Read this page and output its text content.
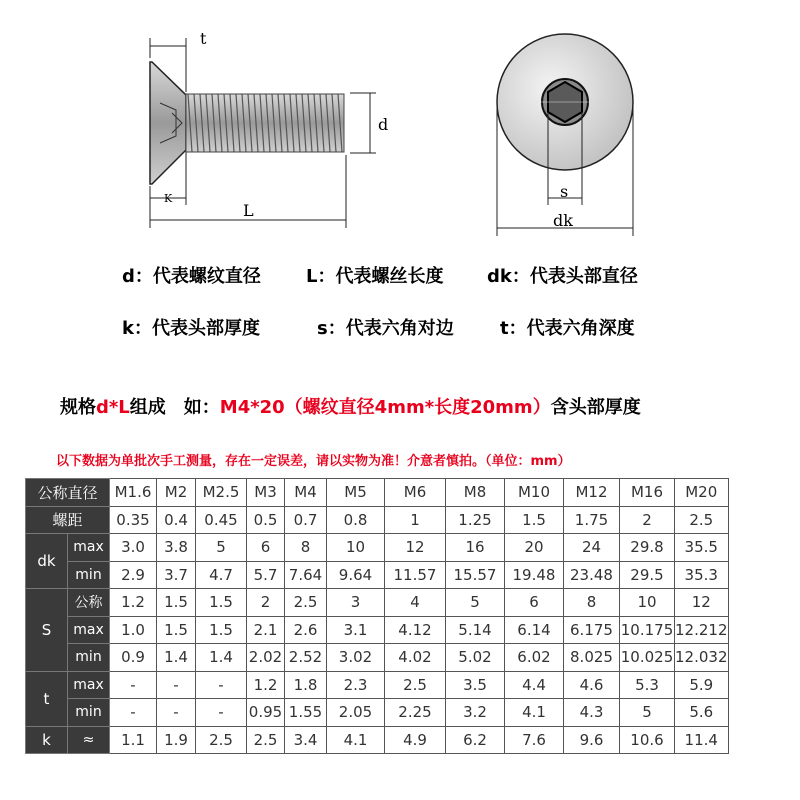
t
d
K
L
s
dk
d：代表螺纹直径	L：代表螺丝长度 dk：代表头部直径
k：代表头部厚度	s：代表六角对边	t：代表六角深度
规格d*L组成　如：M4*20（螺纹直径4mm*长度20mm）含头部厚度
以下数据为单批次手工测量，存在一定误差，请以实物为准！介意者慎拍。（单位：mm）
公称直径		M1.6	M2	M2.5	M3	M4	M5	M6	M8	M10	M12	M16	M20
螺距		0.35	0.4	0.45	0.5	0.7	0.8	1	1.25	1.5	1.75	2	2.5
dk	max	3.0	3.8	5	6	8	10	12	16	20	24	29.8	35.5
	min	2.9	3.7	4.7	5.7	7.64	9.64	11.57	15.57	19.48	23.48	29.5	35.3
S	公称	1.2	1.5	1.5	2	2.5	3	4	5	6	8	10	12
	max	1.0	1.5	1.5	2.1	2.6	3.1	4.12	5.14	6.14	6.175	10.175	12.212
	min	0.9	1.4	1.4	2.02	2.52	3.02	4.02	5.02	6.02	8.025	10.025	12.032
t	max	-	-	-	1.2	1.8	2.3	2.5	3.5	4.4	4.6	5.3	5.9
	min	-	-	-	0.95	1.55	2.05	2.25	3.2	4.1	4.3	5	5.6
k	≈	1.1	1.9	2.5	2.5	3.4	4.1	4.9	6.2	7.6	9.6	10.6	11.4
